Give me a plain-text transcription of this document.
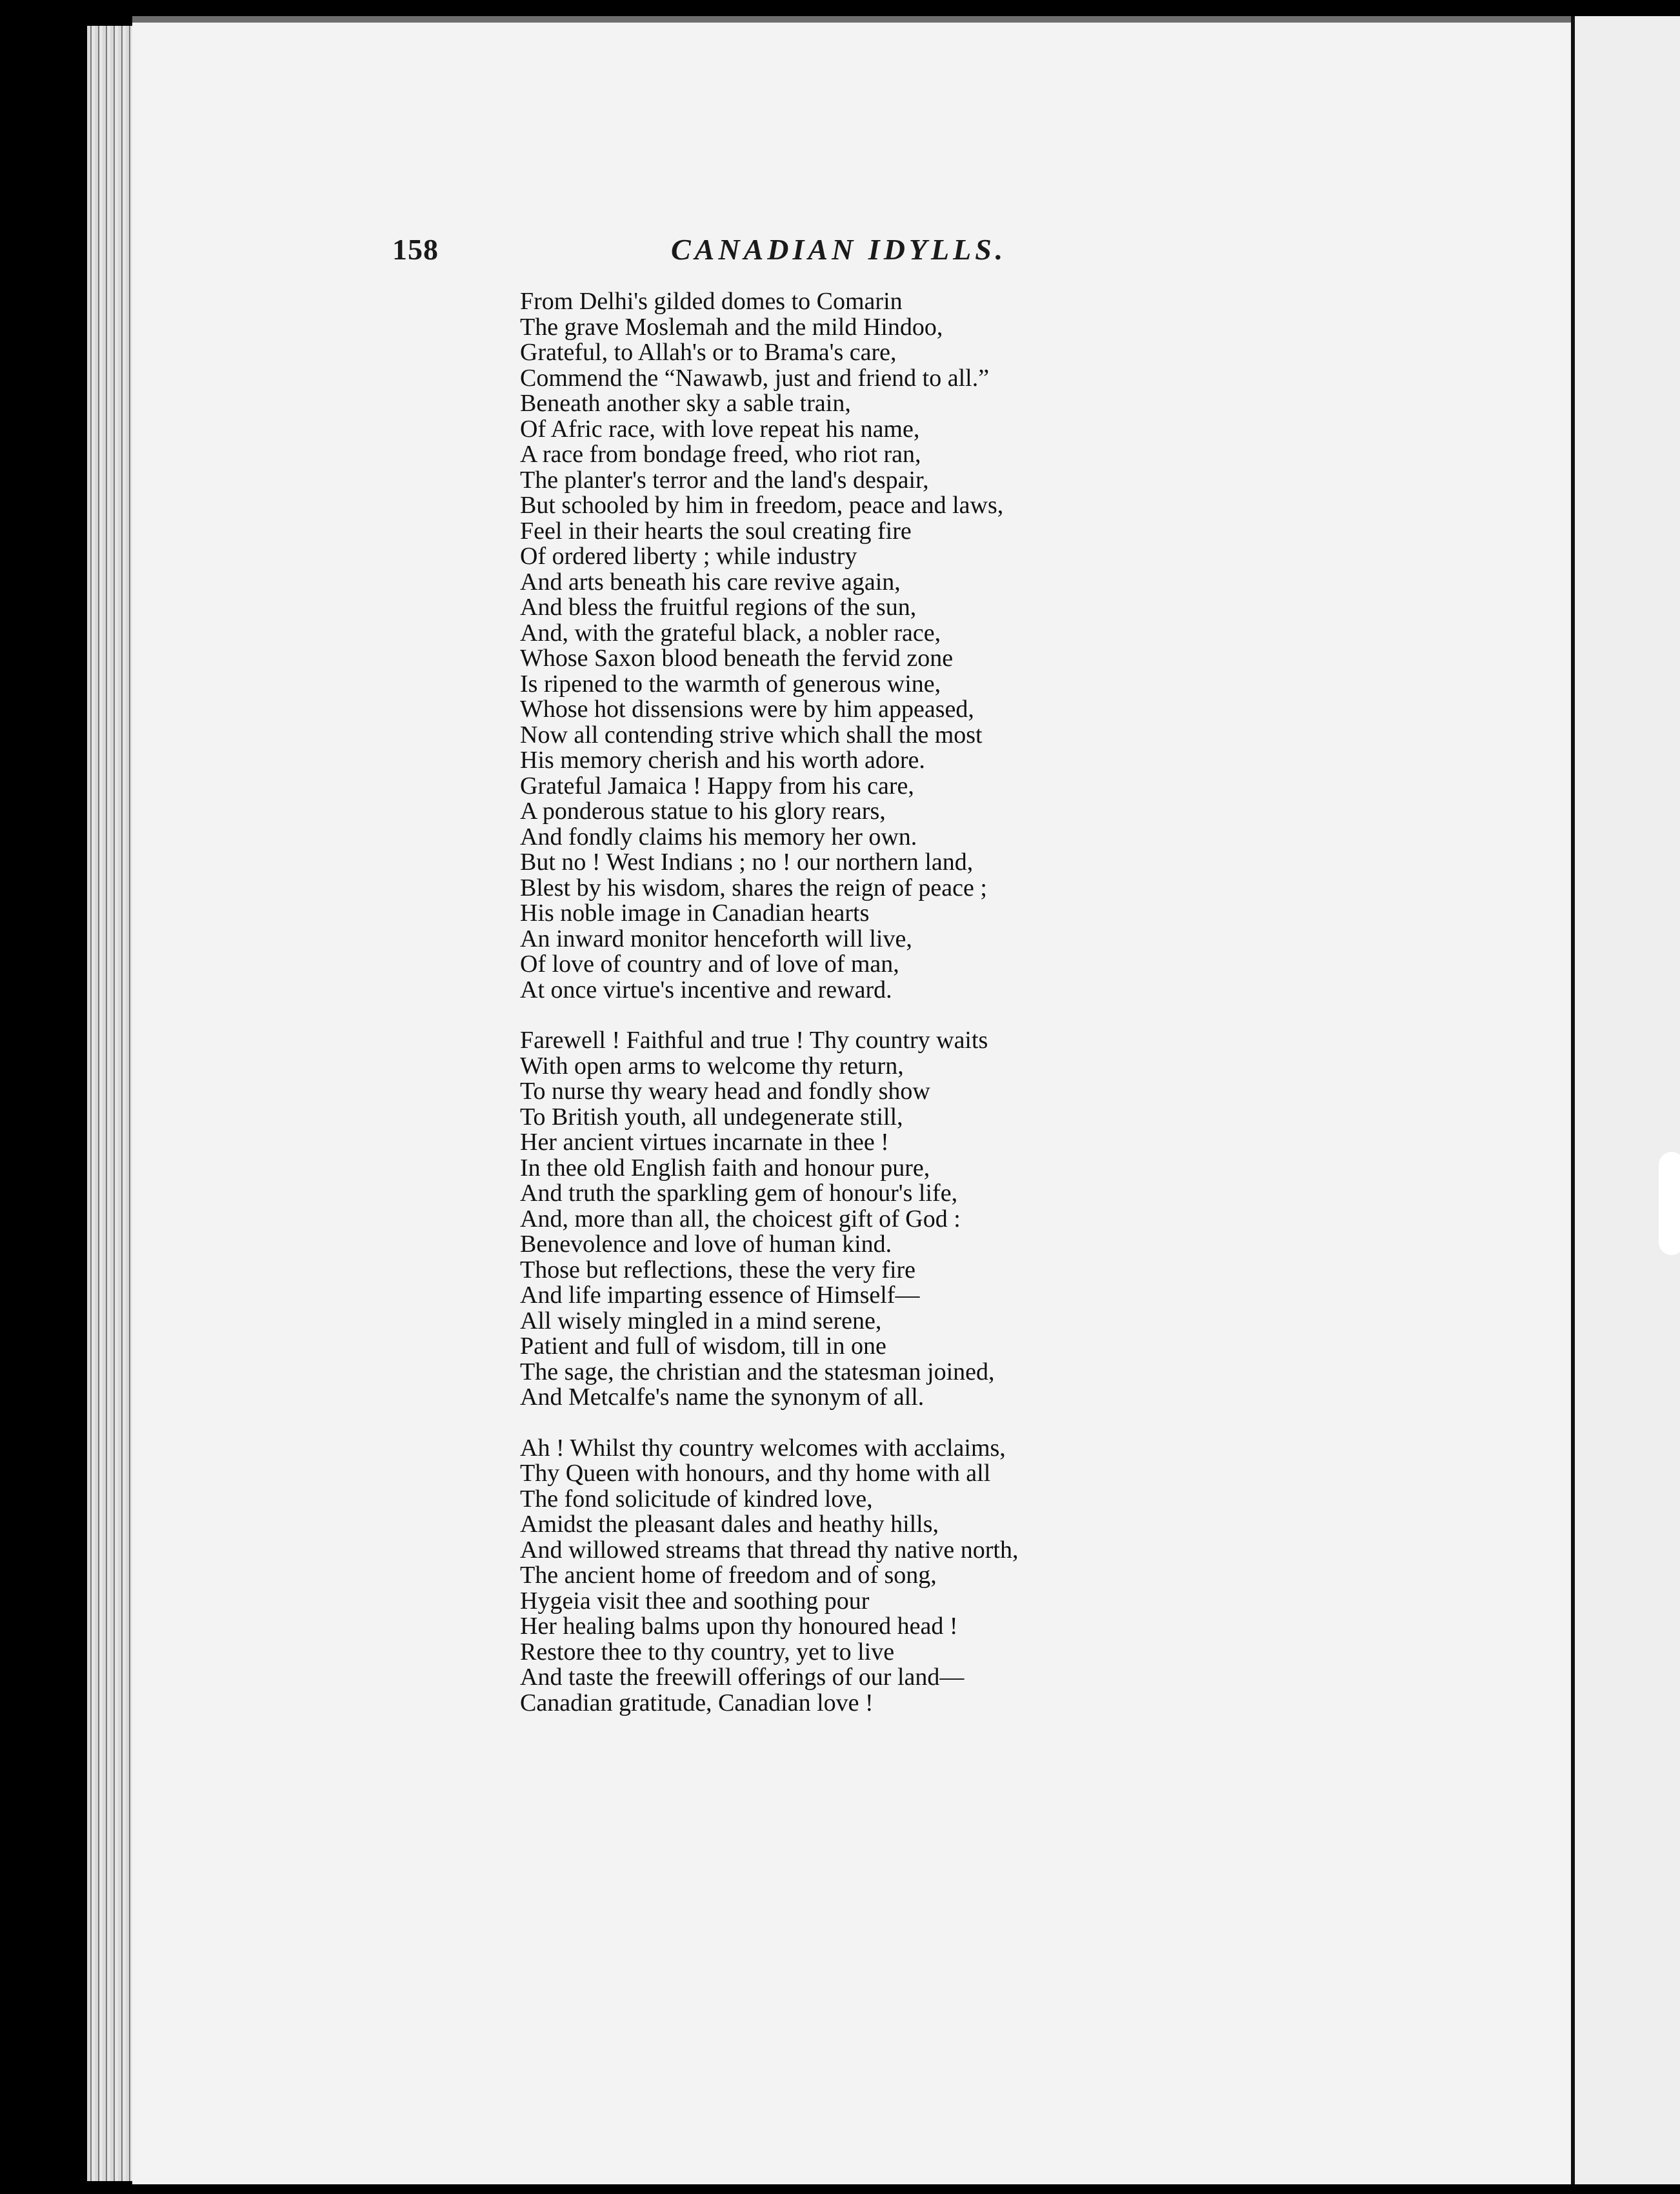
158	CANADIAN IDYLLS.
From Delhi's gilded domes to Comarin
The grave Moslemah and the mild Hindoo,
Grateful, to Allah's or to Brama's care,
Commend the “Nawawb, just and friend to all.”
Beneath another sky a sable train,
Of Afric race, with love repeat his name,
A race from bondage freed, who riot ran,
The planter's terror and the land's despair,
But schooled by him in freedom, peace and laws,
Feel in their hearts the soul creating fire
Of ordered liberty ; while industry
And arts beneath his care revive again,
And bless the fruitful regions of the sun,
And, with the grateful black, a nobler race,
Whose Saxon blood beneath the fervid zone
Is ripened to the warmth of generous wine,
Whose hot dissensions were by him appeased,
Now all contending strive which shall the most
His memory cherish and his worth adore.
Grateful Jamaica ! Happy from his care,
A ponderous statue to his glory rears,
And fondly claims his memory her own.
But no ! West Indians ; no ! our northern land,
Blest by his wisdom, shares the reign of peace ;
His noble image in Canadian hearts
An inward monitor henceforth will live,
Of love of country and of love of man,
At once virtue's incentive and reward.
Farewell ! Faithful and true ! Thy country waits
With open arms to welcome thy return,
To nurse thy weary head and fondly show
To British youth, all undegenerate still,
Her ancient virtues incarnate in thee !
In thee old English faith and honour pure,
And truth the sparkling gem of honour's life,
And, more than all, the choicest gift of God :
Benevolence and love of human kind.
Those but reflections, these the very fire
And life imparting essence of Himself—
All wisely mingled in a mind serene,
Patient and full of wisdom, till in one
The sage, the christian and the statesman joined,
And Metcalfe's name the synonym of all.
Ah ! Whilst thy country welcomes with acclaims,
Thy Queen with honours, and thy home with all
The fond solicitude of kindred love,
Amidst the pleasant dales and heathy hills,
And willowed streams that thread thy native north,
The ancient home of freedom and of song,
Hygeia visit thee and soothing pour
Her healing balms upon thy honoured head !
Restore thee to thy country, yet to live
And taste the freewill offerings of our land—
Canadian gratitude, Canadian love !
